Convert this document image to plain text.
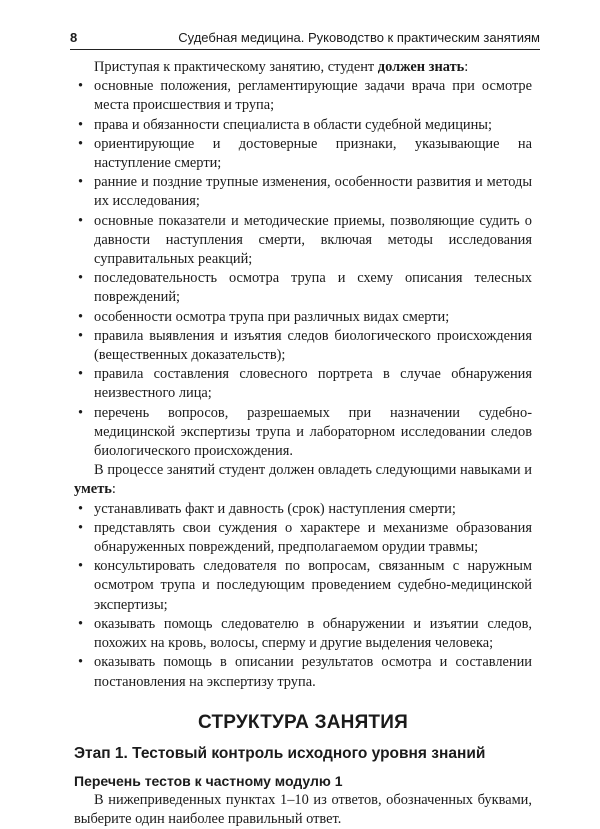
8	Судебная медицина. Руководство к практическим занятиям

Приступая к практическому занятию, студент должен знать:

• основные положения, регламентирующие задачи врача при осмотре места происшествия и трупа;
• права и обязанности специалиста в области судебной медицины;
• ориентирующие и достоверные признаки, указывающие на наступление смерти;
• ранние и поздние трупные изменения, особенности развития и методы их исследования;
• основные показатели и методические приемы, позволяющие судить о давности наступления смерти, включая методы исследования суправитальных реакций;
• последовательность осмотра трупа и схему описания телесных повреждений;
• особенности осмотра трупа при различных видах смерти;
• правила выявления и изъятия следов биологического происхождения (вещественных доказательств);
• правила составления словесного портрета в случае обнаружения неизвестного лица;
• перечень вопросов, разрешаемых при назначении судебно-медицинской экспертизы трупа и лабораторном исследовании следов биологического происхождения.

В процессе занятий студент должен овладеть следующими навыками и уметь:

• устанавливать факт и давность (срок) наступления смерти;
• представлять свои суждения о характере и механизме образования обнаруженных повреждений, предполагаемом орудии травмы;
• консультировать следователя по вопросам, связанным с наружным осмотром трупа и последующим проведением судебно-медицинской экспертизы;
• оказывать помощь следователю в обнаружении и изъятии следов, похожих на кровь, волосы, сперму и другие выделения человека;
• оказывать помощь в описании результатов осмотра и составлении постановления на экспертизу трупа.
СТРУКТУРА ЗАНЯТИЯ
Этап 1. Тестовый контроль исходного уровня знаний
Перечень тестов к частному модулю 1

В нижеприведенных пунктах 1–10 из ответов, обозначенных буквами, выберите один наиболее правильный ответ.
